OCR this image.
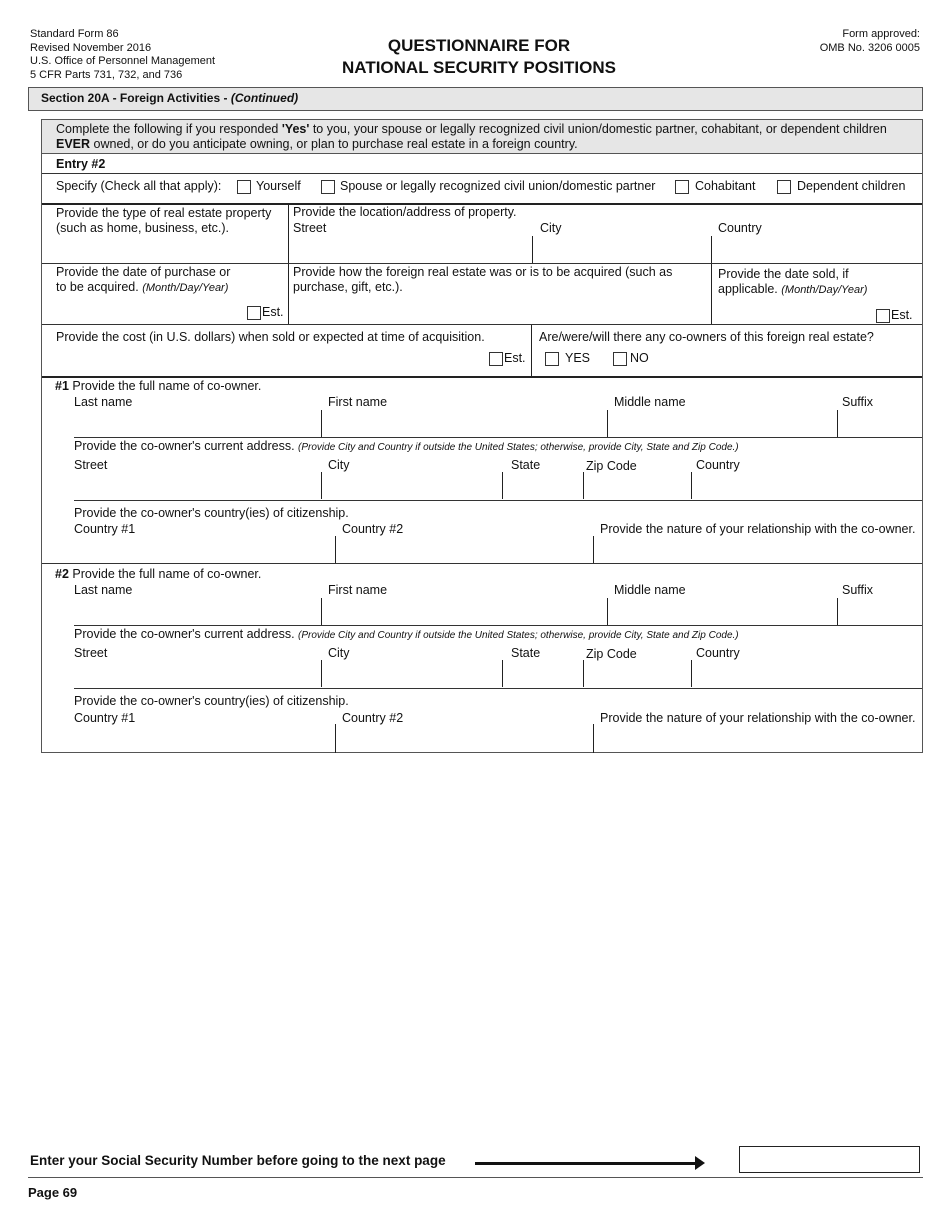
Standard Form 86
Revised November 2016
U.S. Office of Personnel Management
5 CFR Parts 731, 732, and 736
QUESTIONNAIRE FOR
NATIONAL SECURITY POSITIONS
Form approved:
OMB No. 3206 0005
Section 20A - Foreign Activities - (Continued)
Complete the following if you responded 'Yes' to you, your spouse or legally recognized civil union/domestic partner, cohabitant, or dependent children
EVER owned, or do you anticipate owning, or plan to purchase real estate in a foreign country.
Entry #2
Specify (Check all that apply):	Yourself	Spouse or legally recognized civil union/domestic partner	Cohabitant	Dependent children
Provide the type of real estate property
(such as home, business, etc.).
Provide the location/address of property.
Street	City	Country
Provide the date of purchase or
to be acquired. (Month/Day/Year)
Est.
Provide how the foreign real estate was or is to be acquired (such as
purchase, gift, etc.).
Provide the date sold, if
applicable. (Month/Day/Year)
Est.
Provide the cost (in U.S. dollars) when sold or expected at time of acquisition.
Est.
Are/were/will there any co-owners of this foreign real estate?
YES	NO
#1 Provide the full name of co-owner.
Last name	First name	Middle name	Suffix
Provide the co-owner's current address. (Provide City and Country if outside the United States; otherwise, provide City, State and Zip Code.)
Street	City	State	Zip Code	Country
Provide the co-owner's country(ies) of citizenship.
Country #1	Country #2	Provide the nature of your relationship with the co-owner.
#2 Provide the full name of co-owner.
Last name	First name	Middle name	Suffix
Provide the co-owner's current address. (Provide City and Country if outside the United States; otherwise, provide City, State and Zip Code.)
Street	City	State	Zip Code	Country
Provide the co-owner's country(ies) of citizenship.
Country #1	Country #2	Provide the nature of your relationship with the co-owner.
Enter your Social Security Number before going to the next page
Page 69
